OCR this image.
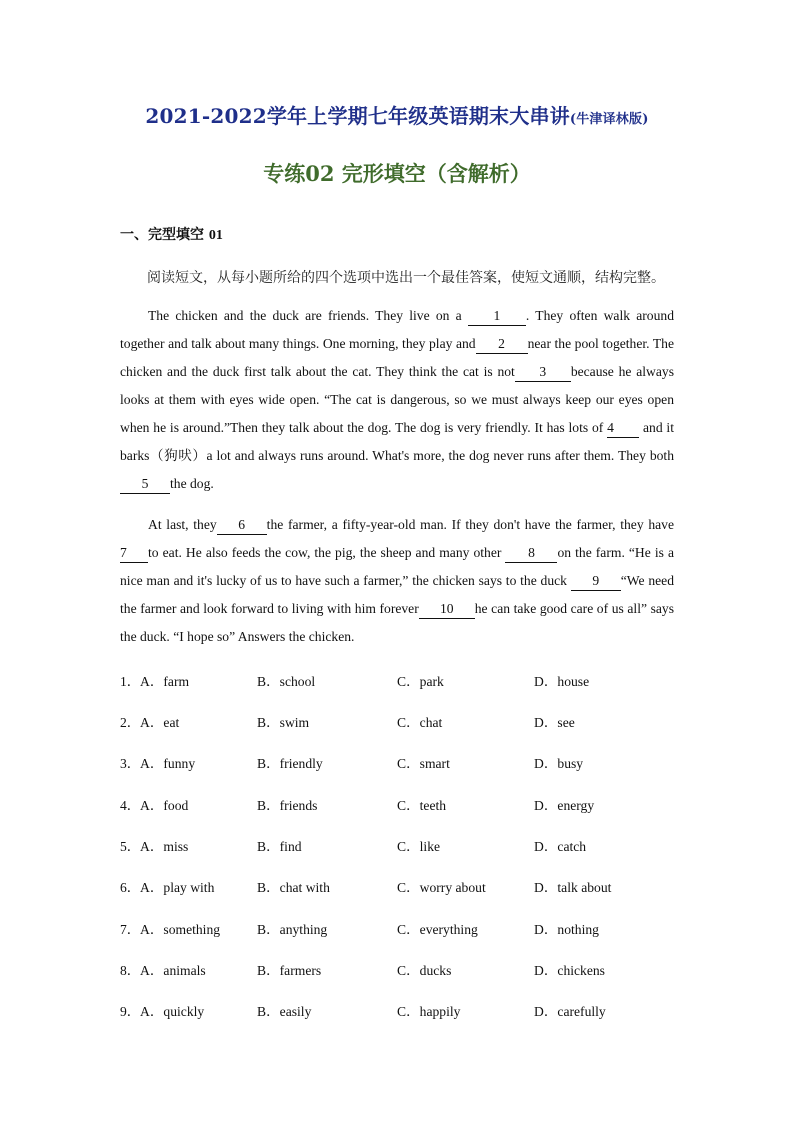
2021-2022学年上学期七年级英语期末大串讲(牛津译林版)
专练02 完形填空（含解析）
一、完型填空 01
阅读短文，从每小题所给的四个选项中选出一个最佳答案，使短文通顺，结构完整。
The chicken and the duck are friends. They live on a 1 . They often walk around together and talk about many things. One morning, they play and 2 near the pool together. The chicken and the duck first talk about the cat. They think the cat is not 3 because he always looks at them with eyes wide open. “The cat is dangerous, so we must always keep our eyes open when he is around.”Then they talk about the dog. The dog is very friendly. It has lots of 4 and it barks（狗吠）a lot and always runs around. What's more, the dog never runs after them. They both5 the dog.
At last, they 6 the farmer, a fifty-year-old man. If they don't have the farmer, they have 7 to eat. He also feeds the cow, the pig, the sheep and many other 8 on the farm. “He is a nice man and it's lucky of us to have such a farmer,” the chicken says to the duck 9 “We need the farmer and look forward to living with him forever 10 he can take good care of us all” says the duck. “I hope so” Answers the chicken.
1． A．farm	B．school	C．park	D．house
2． A．eat	B．swim	C．chat	D．see
3． A．funny	B．friendly	C．smart	D．busy
4． A．food	B．friends	C．teeth	D．energy
5． A．miss	B．find	C．like	D．catch
6． A．play with	B．chat with	C．worry about	D．talk about
7． A．something	B．anything	C．everything	D．nothing
8． A．animals	B．farmers	C．ducks	D．chickens
9． A．quickly	B．easily	C．happily	D．carefully
